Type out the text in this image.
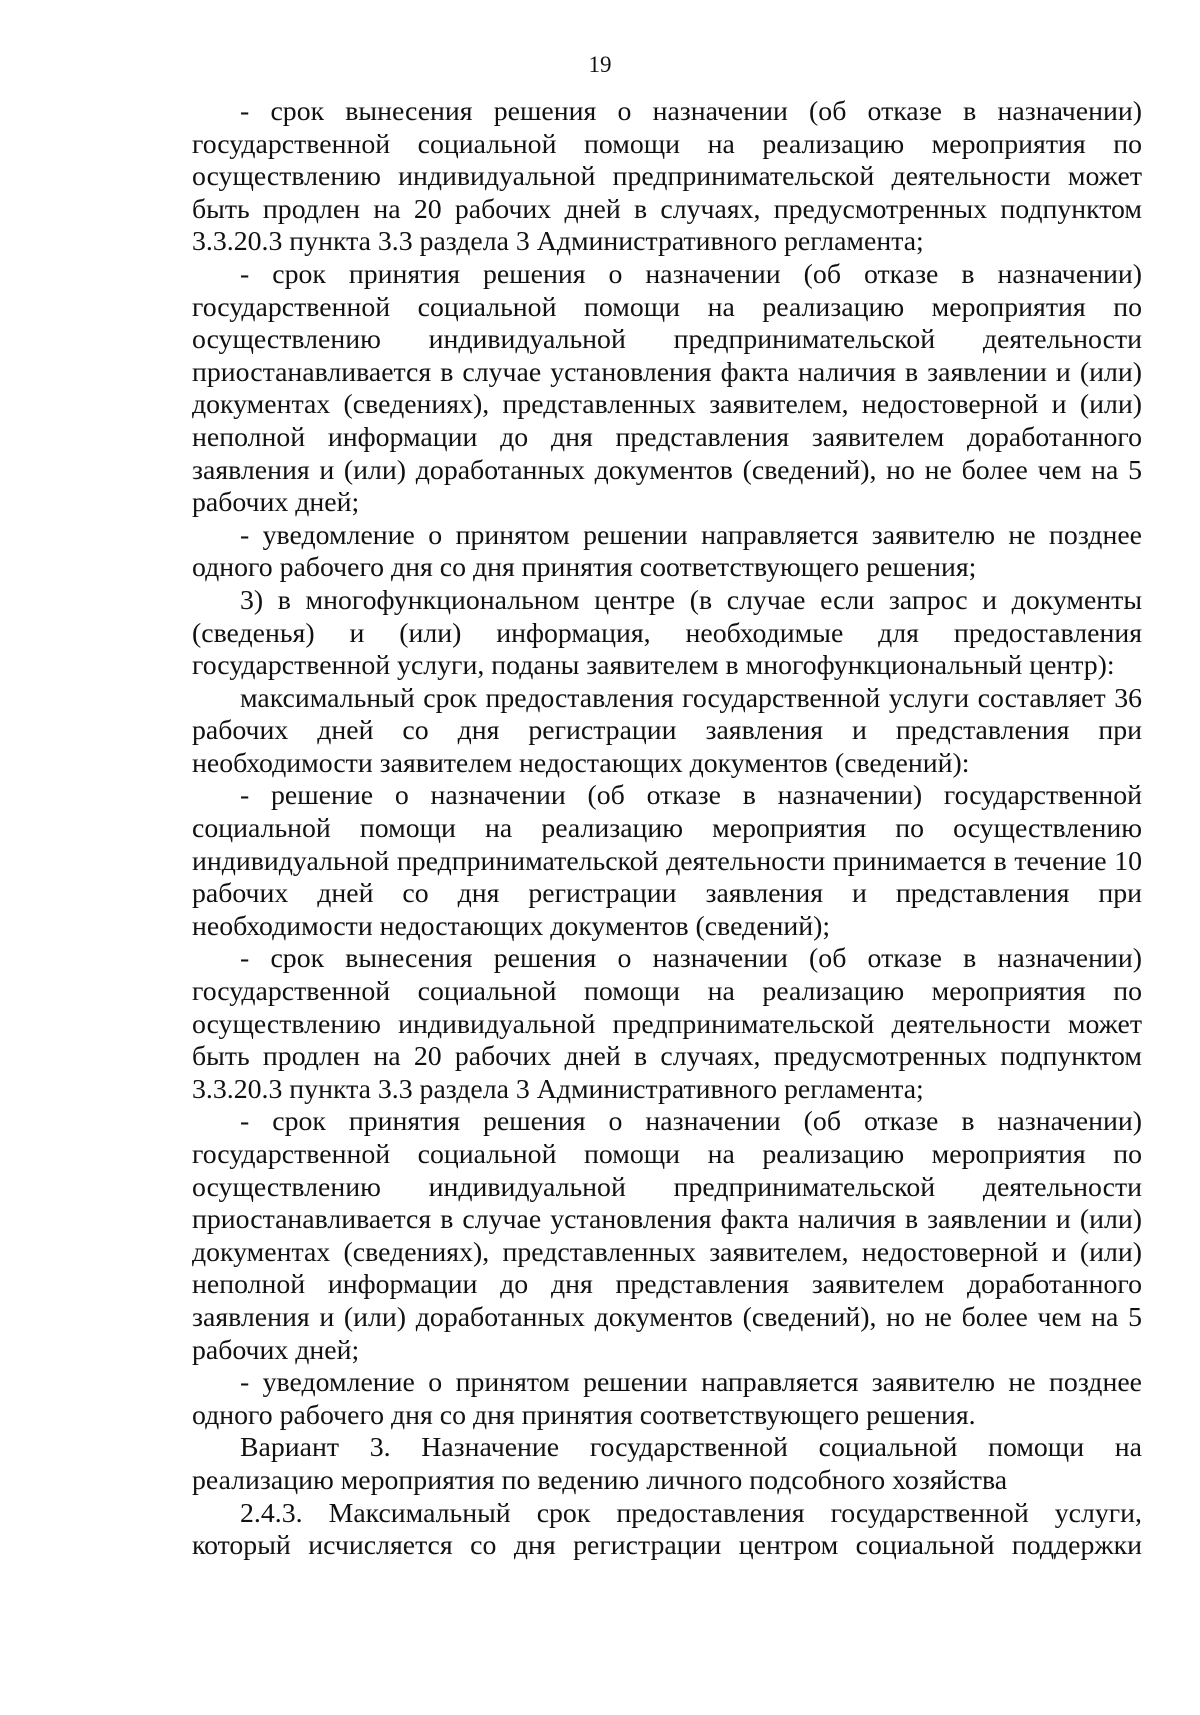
19

- срок вынесения решения о назначении (об отказе в назначении) государственной социальной помощи на реализацию мероприятия по осуществлению индивидуальной предпринимательской деятельности может быть продлен на 20 рабочих дней в случаях, предусмотренных подпунктом 3.3.20.3 пункта 3.3 раздела 3 Административного регламента;

- срок принятия решения о назначении (об отказе в назначении) государственной социальной помощи на реализацию мероприятия по осуществлению индивидуальной предпринимательской деятельности приостанавливается в случае установления факта наличия в заявлении и (или) документах (сведениях), представленных заявителем, недостоверной и (или) неполной информации до дня представления заявителем доработанного заявления и (или) доработанных документов (сведений), но не более чем на 5 рабочих дней;

- уведомление о принятом решении направляется заявителю не позднее одного рабочего дня со дня принятия соответствующего решения;

3) в многофункциональном центре (в случае если запрос и документы (сведенья) и (или) информация, необходимые для предоставления государственной услуги, поданы заявителем в многофункциональный центр):

максимальный срок предоставления государственной услуги составляет 36 рабочих дней со дня регистрации заявления и представления при необходимости заявителем недостающих документов (сведений):

- решение о назначении (об отказе в назначении) государственной социальной помощи на реализацию мероприятия по осуществлению индивидуальной предпринимательской деятельности принимается в течение 10 рабочих дней со дня регистрации заявления и представления при необходимости недостающих документов (сведений);

- срок вынесения решения о назначении (об отказе в назначении) государственной социальной помощи на реализацию мероприятия по осуществлению индивидуальной предпринимательской деятельности может быть продлен на 20 рабочих дней в случаях, предусмотренных подпунктом 3.3.20.3 пункта 3.3 раздела 3 Административного регламента;

- срок принятия решения о назначении (об отказе в назначении) государственной социальной помощи на реализацию мероприятия по осуществлению индивидуальной предпринимательской деятельности приостанавливается в случае установления факта наличия в заявлении и (или) документах (сведениях), представленных заявителем, недостоверной и (или) неполной информации до дня представления заявителем доработанного заявления и (или) доработанных документов (сведений), но не более чем на 5 рабочих дней;

- уведомление о принятом решении направляется заявителю не позднее одного рабочего дня со дня принятия соответствующего решения.

Вариант 3. Назначение государственной социальной помощи на реализацию мероприятия по ведению личного подсобного хозяйства

2.4.3. Максимальный срок предоставления государственной услуги, который исчисляется со дня регистрации центром социальной поддержки
